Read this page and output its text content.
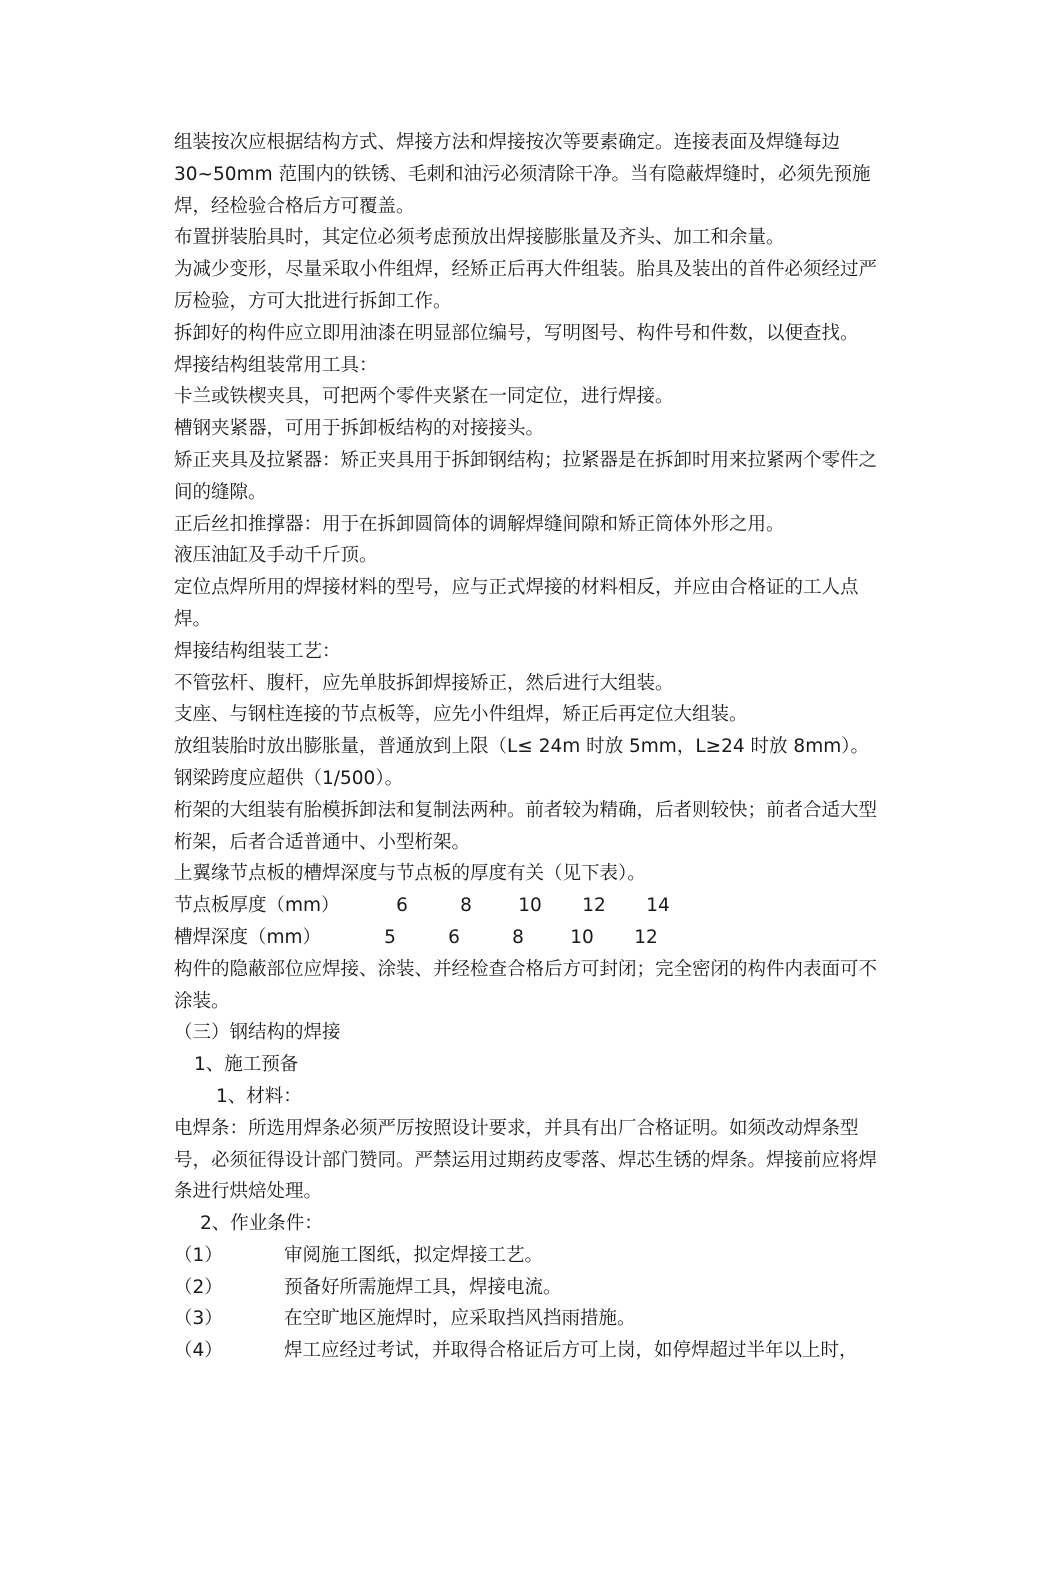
组装按次应根据结构方式、焊接方法和焊接按次等要素确定。连接表面及焊缝每边 30~50mm 范围内的铁锈、毛刺和油污必须清除干净。当有隐蔽焊缝时，必须先预施焊，经检验合格后方可覆盖。

布置拼装胎具时，其定位必须考虑预放出焊接膨胀量及齐头、加工和余量。

为减少变形，尽量采取小件组焊，经矫正后再大件组装。胎具及装出的首件必须经过严厉检验，方可大批进行拆卸工作。

拆卸好的构件应立即用油漆在明显部位编号，写明图号、构件号和件数，以便查找。

焊接结构组装常用工具：

卡兰或铁楔夹具，可把两个零件夹紧在一同定位，进行焊接。

槽钢夹紧器，可用于拆卸板结构的对接接头。

矫正夹具及拉紧器：矫正夹具用于拆卸钢结构；拉紧器是在拆卸时用来拉紧两个零件之间的缝隙。

正后丝扣推撑器：用于在拆卸圆筒体的调解焊缝间隙和矫正筒体外形之用。

液压油缸及手动千斤顶。

定位点焊所用的焊接材料的型号，应与正式焊接的材料相反，并应由合格证的工人点焊。

焊接结构组装工艺：

不管弦杆、腹杆，应先单肢拆卸焊接矫正，然后进行大组装。

支座、与钢柱连接的节点板等，应先小件组焊，矫正后再定位大组装。

放组装胎时放出膨胀量，普通放到上限（L≤ 24m 时放 5mm，L≥24 时放 8mm）。

钢梁跨度应超供（1/500）。

桁架的大组装有胎模拆卸法和复制法两种。前者较为精确，后者则较快；前者合适大型桁架，后者合适普通中、小型桁架。

上翼缘节点板的槽焊深度与节点板的厚度有关（见下表）。

节点板厚度（mm）	6	8	10	12	14
槽焊深度（mm）	5	6	8	10	12

构件的隐蔽部位应焊接、涂装、并经检查合格后方可封闭；完全密闭的构件内表面可不涂装。

（三）钢结构的焊接

1、施工预备

1、材料：

电焊条：所选用焊条必须严厉按照设计要求，并具有出厂合格证明。如须改动焊条型号，必须征得设计部门赞同。严禁运用过期药皮零落、焊芯生锈的焊条。焊接前应将焊条进行烘焙处理。

2、作业条件：

（1）	审阅施工图纸，拟定焊接工艺。
（2）	预备好所需施焊工具，焊接电流。
（3）	在空旷地区施焊时，应采取挡风挡雨措施。
（4）	焊工应经过考试，并取得合格证后方可上岗，如停焊超过半年以上时，
